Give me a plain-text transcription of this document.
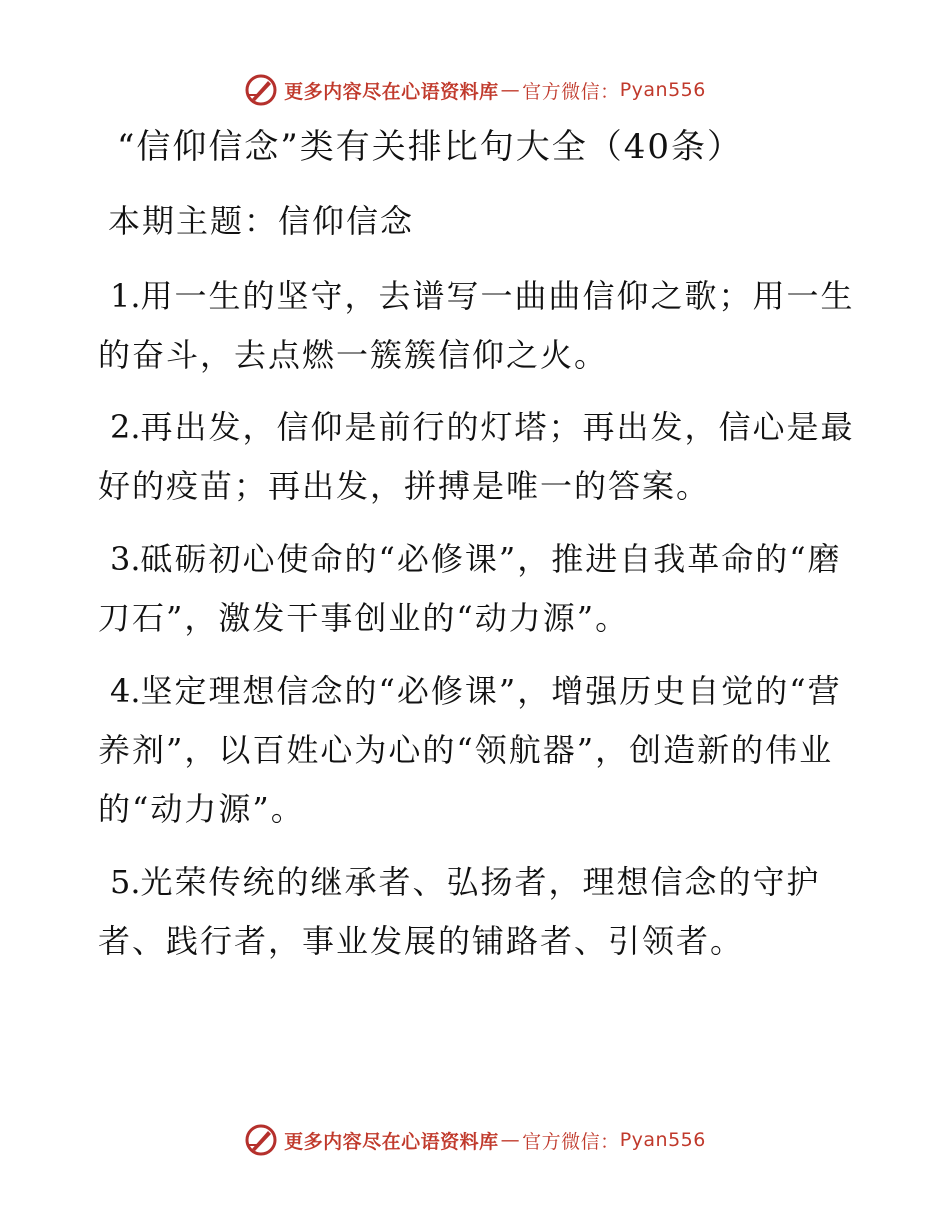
更多内容尽在心语资料库 — 官方微信： Pyan556
“信仰信念”类有关排比句大全（40条）
本期主题：信仰信念

1.用一生的坚守，去谱写一曲曲信仰之歌；用一生的奋斗，去点燃一簇簇信仰之火。

2.再出发，信仰是前行的灯塔；再出发，信心是最好的疫苗；再出发，拼搏是唯一的答案。

3.砥砺初心使命的“必修课”，推进自我革命的“磨刀石”，激发干事创业的“动力源”。

4.坚定理想信念的“必修课”，增强历史自觉的“营养剂”，以百姓心为心的“领航器”，创造新的伟业的“动力源”。

5.光荣传统的继承者、弘扬者，理想信念的守护者、践行者，事业发展的铺路者、引领者。

更多内容尽在心语资料库 — 官方微信： Pyan556
